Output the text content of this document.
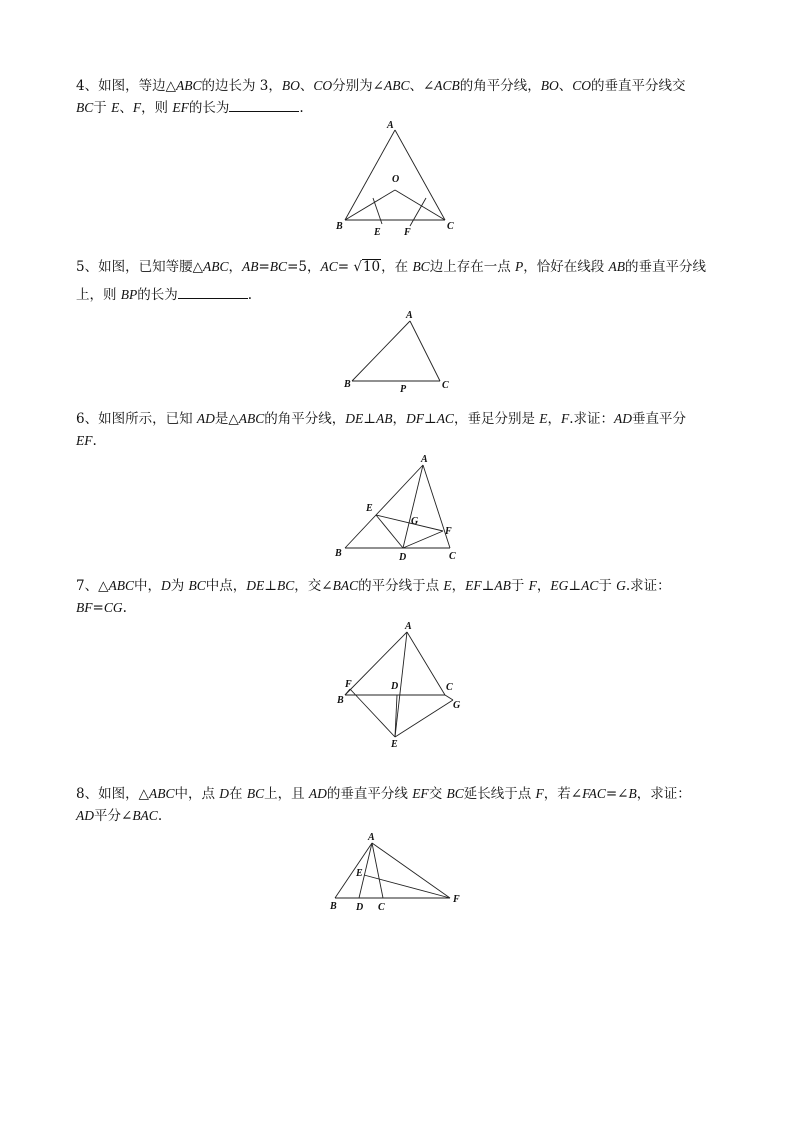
4、如图，等边△ABC的边长为 3，BO、CO分别为∠ABC、∠ACB的角平分线，BO、CO的垂直平分线交
BC于 E、F，则 EF的长为	.
A
O
B	C
E F
5、如图，已知等腰△ABC，AB=BC=5，AC= √10，在 BC边上存在一点 P，恰好在线段 AB的垂直平分线
上，则 BP的长为	.
A
B	P	C
6、如图所示，已知 AD是△ABC的角平分线，DE⊥AB，DF⊥AC，垂足分别是 E，F.求证：AD垂直平分
EF.
A
E
G
F
B	D	C
7、△ABC中，D为 BC中点，DE⊥BC，交∠BAC的平分线于点 E，EF⊥AB于 F，EG⊥AC于 G.求证：
BF=CG.
A
F	D	C
B	G
E
8、如图，△ABC中，点 D在 BC上，且 AD的垂直平分线 EF交 BC延长线于点 F，若∠FAC=∠B，求证：
AD平分∠BAC.
A
E
F
B D C
